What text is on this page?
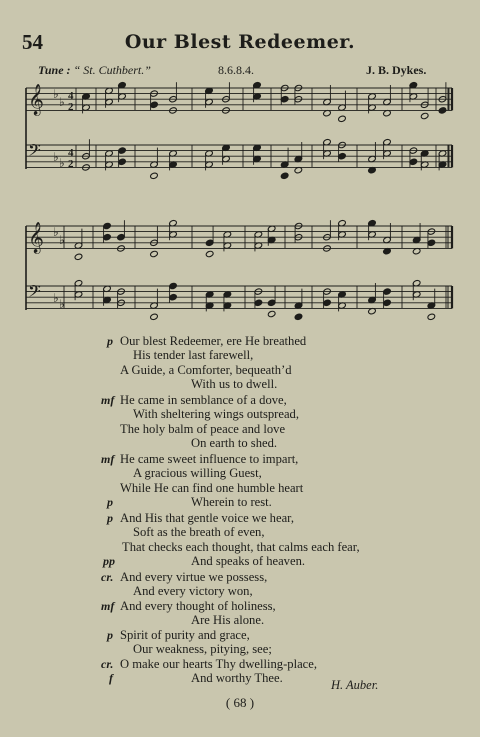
54	Our Blest Redeemer.
Tune : “ St. Cuthbert.”	8.6.8.4.	J. B. Dykes.
𝄞 ♭
♭ 4
2
𝄢 ♭ ♭
4
2
𝄞 ♭
♭
𝄢 ♭ ♭
Our blest Redeemer, ere He breathed
p
His tender last farewell,
A Guide, a Comforter, bequeath’d
With us to dwell.
He came in semblance of a dove,
mf
With sheltering wings outspread,
The holy balm of peace and love
On earth to shed.
He came sweet influence to impart,
mf
A gracious willing Guest,
While He can find one humble heart
Wherein to rest.
p
And His that gentle voice we hear,
p
Soft as the breath of even,
That checks each thought, that calms each fear,
And speaks of heaven.
pp
And every virtue we possess,
cr.
And every victory won,
And every thought of holiness,
mf
Are His alone.
Spirit of purity and grace,
p
Our weakness, pitying, see;
O make our hearts Thy dwelling-place,
cr.
And worthy Thee.
f
H. Auber.
( 68 )
